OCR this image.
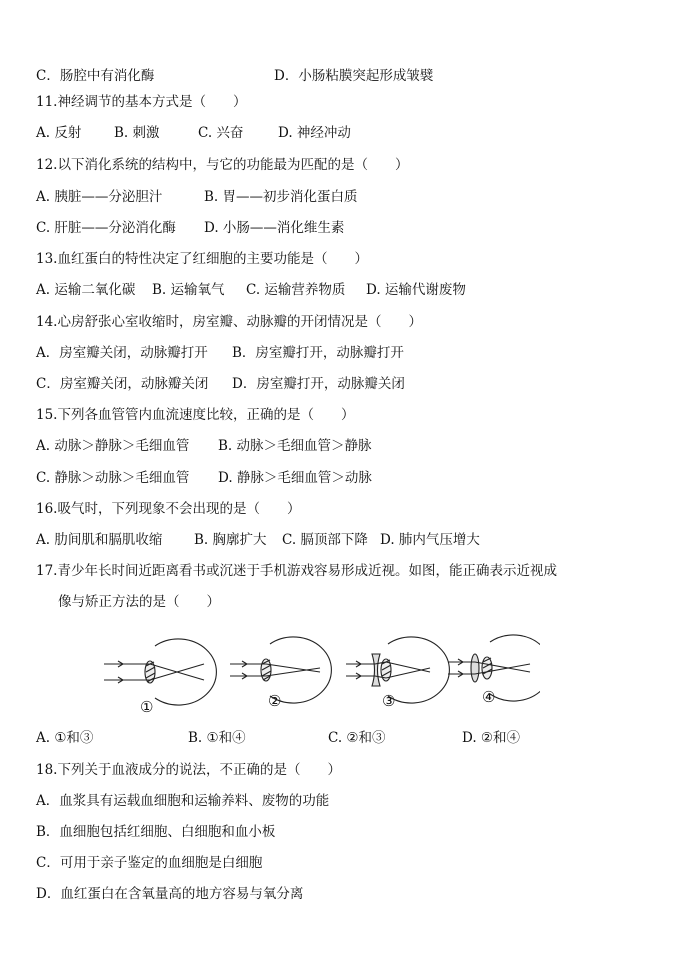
C．肠腔中有消化酶	D．小肠粘膜突起形成皱襞
11.神经调节的基本方式是（　　）
A. 反射 B. 刺激	C. 兴奋	D. 神经冲动
12.以下消化系统的结构中，与它的功能最为匹配的是（　　）
A. 胰脏——分泌胆汁	B. 胃——初步消化蛋白质
C. 肝脏——分泌消化酶 D. 小肠——消化维生素
13.血红蛋白的特性决定了红细胞的主要功能是（　　）
A. 运输二氧化碳 B. 运输氧气 C. 运输营养物质 D. 运输代谢废物
14.心房舒张心室收缩时，房室瓣、动脉瓣的开闭情况是（　　）
A．房室瓣关闭，动脉瓣打开 B．房室瓣打开，动脉瓣打开
C．房室瓣关闭，动脉瓣关闭 D．房室瓣打开，动脉瓣关闭
15.下列各血管管内血流速度比较，正确的是（　　）
A. 动脉＞静脉＞毛细血管 B. 动脉＞毛细血管＞静脉
C. 静脉＞动脉＞毛细血管 D. 静脉＞毛细血管＞动脉
16.吸气时，下列现象不会出现的是（　　）
A. 肋间肌和膈肌收缩 B. 胸廓扩大 C. 膈顶部下降 D. 肺内气压增大
17.青少年长时间近距离看书或沉迷于手机游戏容易形成近视。如图，能正确表示近视成
像与矫正方法的是（　　）
①	②	③	④
A. ①和③	B. ①和④	C. ②和③	D. ②和④
18.下列关于血液成分的说法，不正确的是（　　）
A．血浆具有运载血细胞和运输养料、废物的功能
B．血细胞包括红细胞、白细胞和血小板
C．可用于亲子鉴定的血细胞是白细胞
D．血红蛋白在含氧量高的地方容易与氧分离
